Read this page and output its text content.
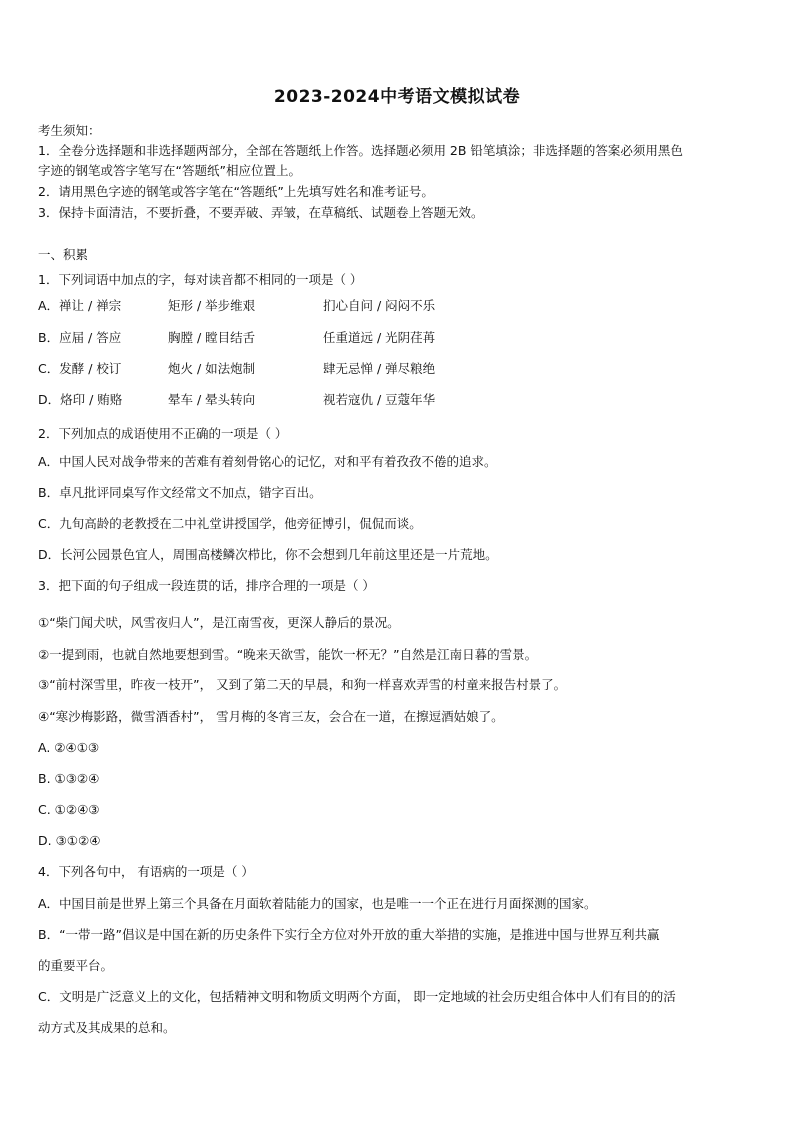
2023-2024中考语文模拟试卷
考生须知：
1．全卷分选择题和非选择题两部分，全部在答题纸上作答。选择题必须用 2B 铅笔填涂；非选择题的答案必须用黑色
字迹的钢笔或答字笔写在“答题纸”相应位置上。
2．请用黑色字迹的钢笔或答字笔在“答题纸”上先填写姓名和准考证号。
3．保持卡面清洁，不要折叠，不要弄破、弄皱，在草稿纸、试题卷上答题无效。
一、积累
1．下列词语中加点的字，每对读音都不相同的一项是（ ）
A．禅让 / 禅宗	矩形 / 举步维艰	扪心自问 / 闷闷不乐
B．应届 / 答应	胸膛 / 瞠目结舌	任重道远 / 光阴荏苒
C．发酵 / 校订	炮火 / 如法炮制	肆无忌惮 / 弹尽粮绝
D．烙印 / 贿赂	晕车 / 晕头转向	视若寇仇 / 豆蔻年华
2．下列加点的成语使用不正确的一项是（ ）
A．中国人民对战争带来的苦难有着刻骨铭心的记忆，对和平有着孜孜不倦的追求。
B．卓凡批评同桌写作文经常文不加点，错字百出。
C．九旬高龄的老教授在二中礼堂讲授国学，他旁征博引，侃侃而谈。
D．长河公园景色宜人，周围高楼鳞次栉比，你不会想到几年前这里还是一片荒地。
3．把下面的句子组成一段连贯的话，排序合理的一项是（ ）
①“柴门闻犬吠，风雪夜归人”，是江南雪夜，更深人静后的景况。
②一提到雨，也就自然地要想到雪。“晚来天欲雪，能饮一杯无？”自然是江南日暮的雪景。
③“前村深雪里，昨夜一枝开”， 又到了第二天的早晨，和狗一样喜欢弄雪的村童来报告村景了。
④“寒沙梅影路，微雪酒香村”， 雪月梅的冬宵三友，会合在一道，在擦逗酒姑娘了。
A. ②④①③
B. ①③②④
C. ①②④③
D. ③①②④
4．下列各句中， 有语病的一项是（ ）
A．中国目前是世界上第三个具备在月面软着陆能力的国家，也是唯一一个正在进行月面探测的国家。
B．“一带一路”倡议是中国在新的历史条件下实行全方位对外开放的重大举措的实施，是推进中国与世界互利共赢
的重要平台。
C．文明是广泛意义上的文化，包括精神文明和物质文明两个方面， 即一定地域的社会历史组合体中人们有目的的活
动方式及其成果的总和。
